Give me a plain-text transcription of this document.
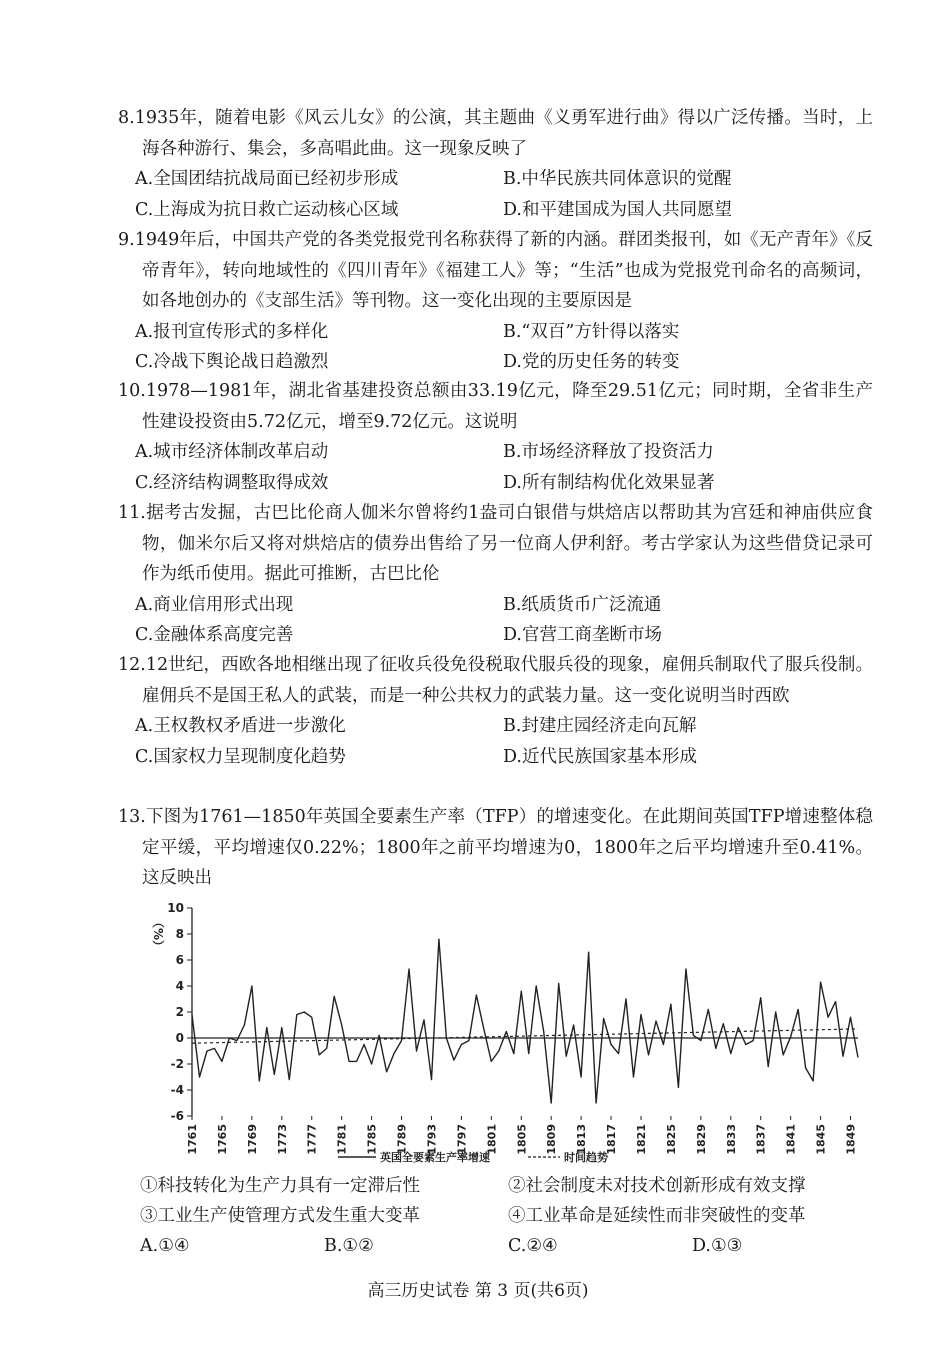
8.1935年，随着电影《风云儿女》的公演，其主题曲《义勇军进行曲》得以广泛传播。当时，上海各种游行、集会，多高唱此曲。这一现象反映了

A.全国团结抗战局面已经初步形成	B.中华民族共同体意识的觉醒
C.上海成为抗日救亡运动核心区域	D.和平建国成为国人共同愿望

9.1949年后，中国共产党的各类党报党刊名称获得了新的内涵。群团类报刊，如《无产青年》《反帝青年》，转向地域性的《四川青年》《福建工人》等；“生活”也成为党报党刊命名的高频词，如各地创办的《支部生活》等刊物。这一变化出现的主要原因是

A.报刊宣传形式的多样化	B.“双百”方针得以落实
C.冷战下舆论战日趋激烈	D.党的历史任务的转变

10.1978—1981年，湖北省基建投资总额由33.19亿元，降至29.51亿元；同时期，全省非生产性建设投资由5.72亿元，增至9.72亿元。这说明

A.城市经济体制改革启动	B.市场经济释放了投资活力
C.经济结构调整取得成效	D.所有制结构优化效果显著

11.据考古发掘，古巴比伦商人伽米尔曾将约1盎司白银借与烘焙店以帮助其为宫廷和神庙供应食物，伽米尔后又将对烘焙店的债券出售给了另一位商人伊利舒。考古学家认为这些借贷记录可作为纸币使用。据此可推断，古巴比伦

A.商业信用形式出现	B.纸质货币广泛流通
C.金融体系高度完善	D.官营工商垄断市场

12.12世纪，西欧各地相继出现了征收兵役免役税取代服兵役的现象，雇佣兵制取代了服兵役制。雇佣兵不是国王私人的武装，而是一种公共权力的武装力量。这一变化说明当时西欧

A.王权教权矛盾进一步激化	B.封建庄园经济走向瓦解
C.国家权力呈现制度化趋势	D.近代民族国家基本形成

13.下图为1761—1850年英国全要素生产率（TFP）的增速变化。在此期间英国TFP增速整体稳定平缓，平均增速仅0.22%；1800年之前平均增速为0，1800年之后平均增速升至0.41%。这反映出

（%）
10
8
6
4
2
0
-2
-4
-6
1761 1765 1769 1773 1777 1781 1785 1789 1793 1797 1801 1805 1809 1813 1817 1821 1825 1829 1833 1837 1841 1845 1849
英国全要素生产率增速	时间趋势
①科技转化为生产力具有一定滞后性	②社会制度未对技术创新形成有效支撑
③工业生产使管理方式发生重大变革	④工业革命是延续性而非突破性的变革
A.①④	B.①②	C.②④	D.①③
高三历史试卷 第 3 页(共6页)
